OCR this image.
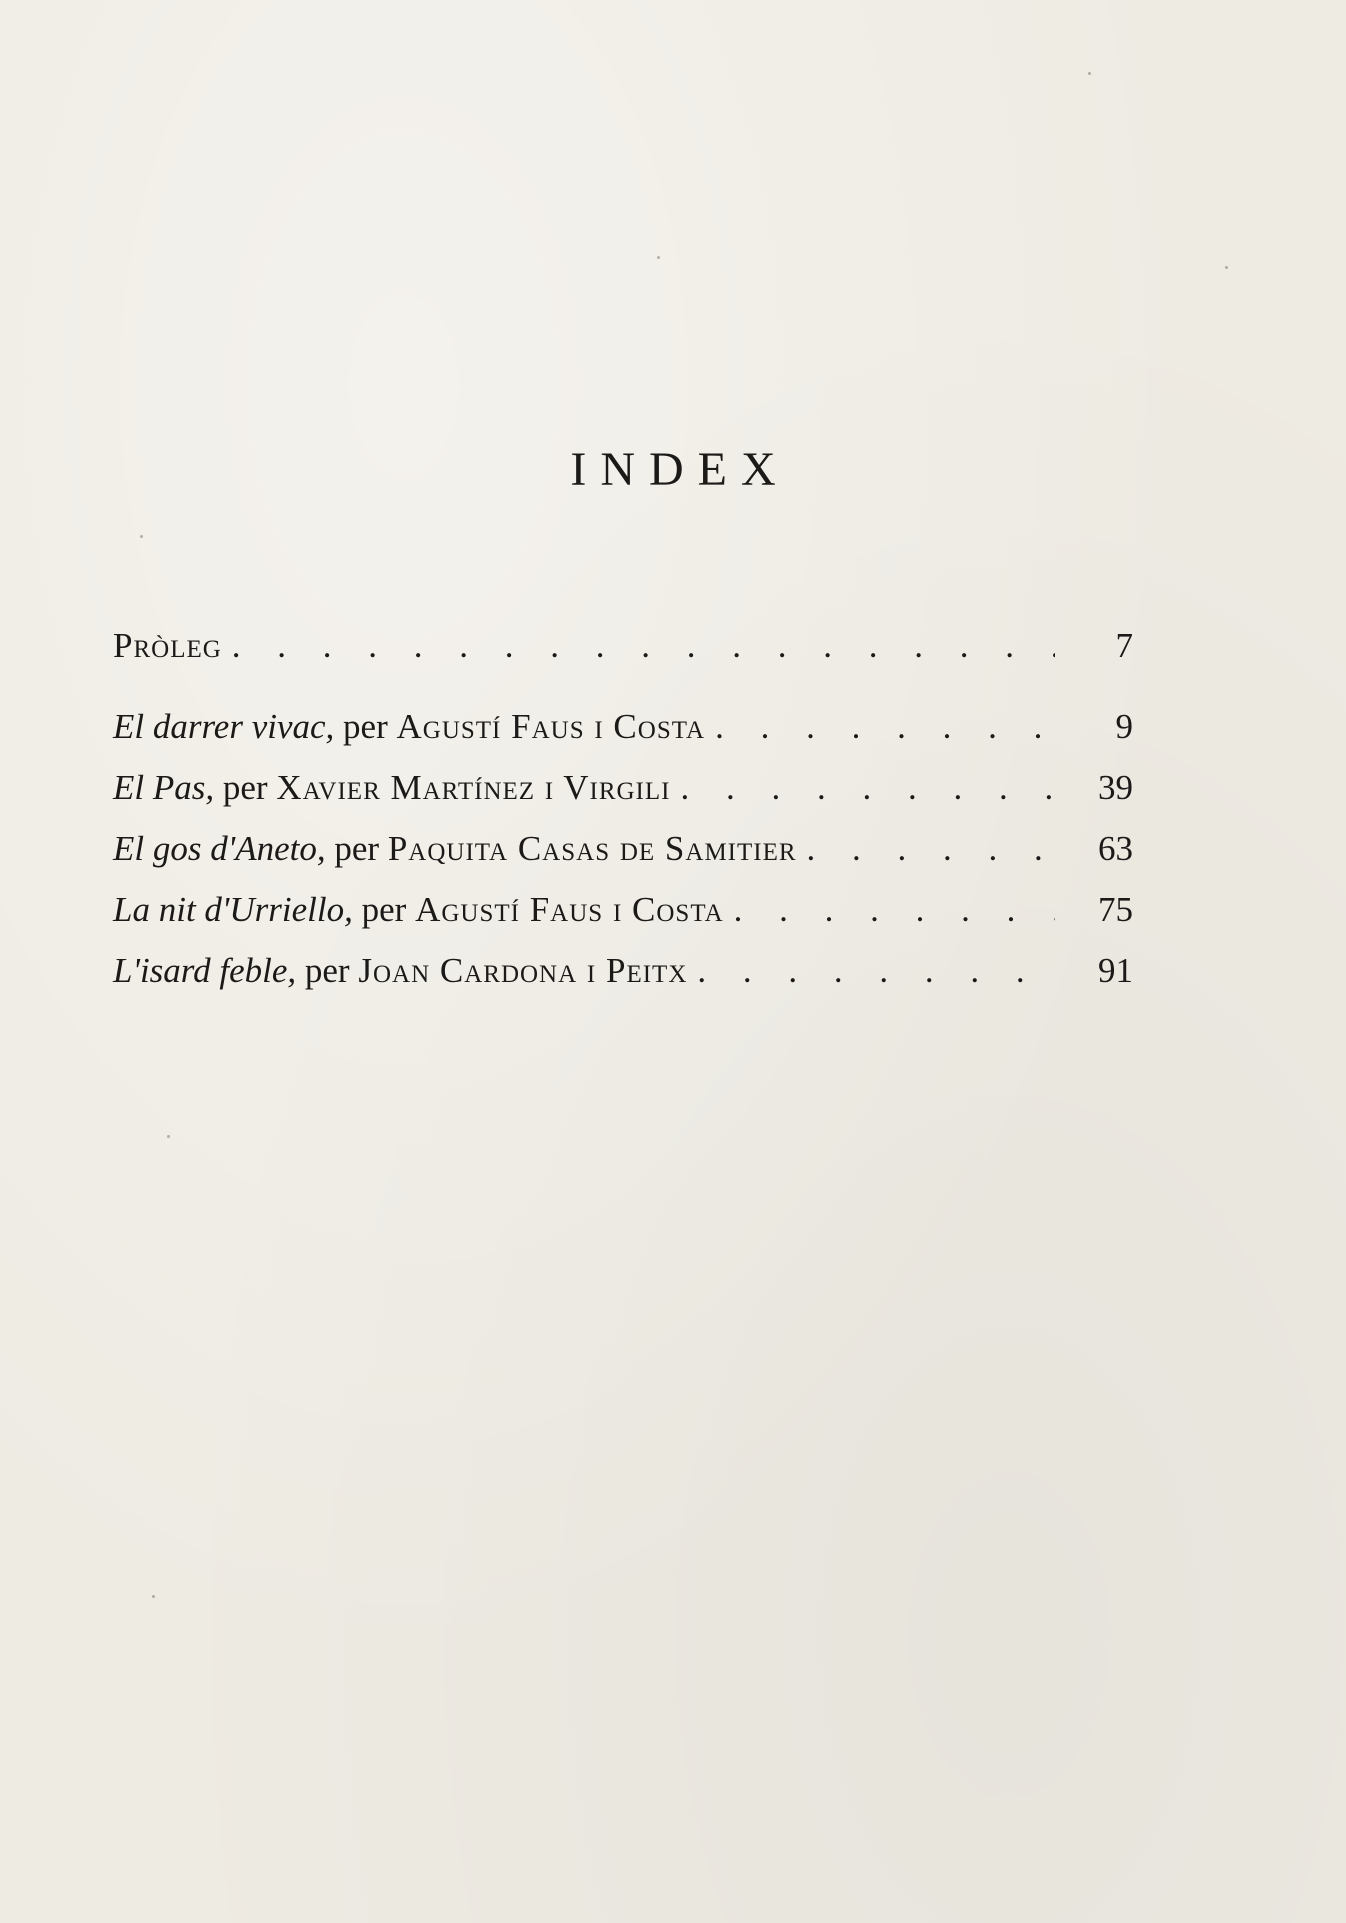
INDEX
Pròleg . . .	7
El darrer vivac, per Agustí Faus i Costa . . .	9
El Pas, per Xavier Martínez i Virgili . . .	39
El gos d'Aneto, per Paquita Casas de Samitier . . .	63
La nit d'Urriello, per Agustí Faus i Costa . . .	75
L'isard feble, per Joan Cardona i Peitx . . .	91
